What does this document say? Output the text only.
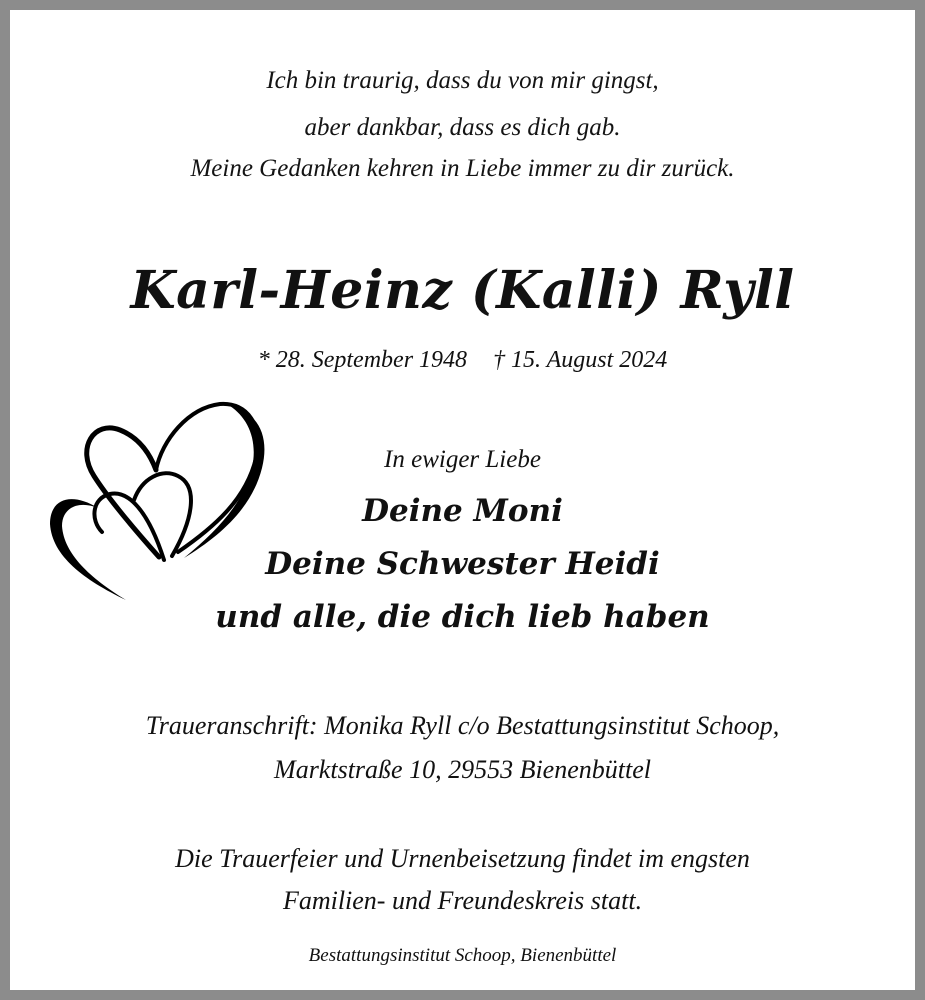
Ich bin traurig, dass du von mir gingst,
aber dankbar, dass es dich gab.
Meine Gedanken kehren in Liebe immer zu dir zurück.
Karl-Heinz (Kalli) Ryll
* 28. September 1948 † 15. August 2024
In ewiger Liebe
Deine Moni
Deine Schwester Heidi
und alle, die dich lieb haben
Traueranschrift: Monika Ryll c/o Bestattungsinstitut Schoop,
Marktstraße 10, 29553 Bienenbüttel
Die Trauerfeier und Urnenbeisetzung findet im engsten
Familien- und Freundeskreis statt.
Bestattungsinstitut Schoop, Bienenbüttel
